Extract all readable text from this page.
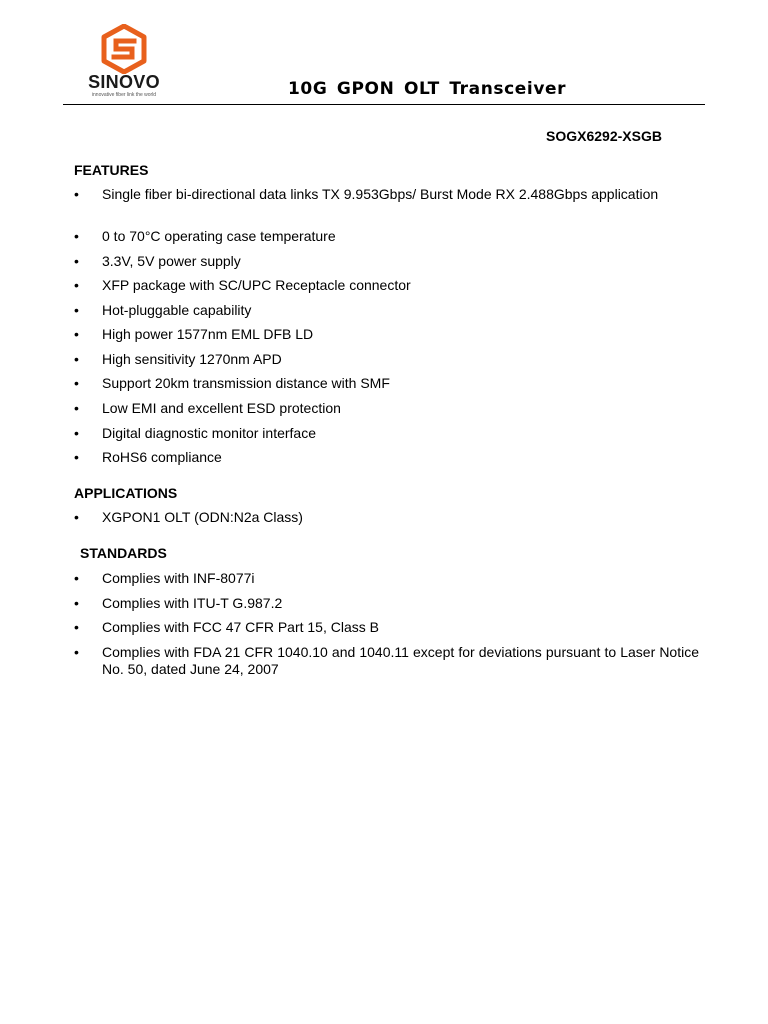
SINOVO
innovative fiber link the world	10G GPON OLT Transceiver
SOGX6292-XSGB
FEATURES
• Single fiber bi-directional data links TX 9.953Gbps/ Burst Mode RX 2.488Gbps application
• 0 to 70°C operating case temperature
• 3.3V, 5V power supply
• XFP package with SC/UPC Receptacle connector
• Hot-pluggable capability
• High power 1577nm EML DFB LD
• High sensitivity 1270nm APD
• Support 20km transmission distance with SMF
• Low EMI and excellent ESD protection
• Digital diagnostic monitor interface
• RoHS6 compliance
APPLICATIONS
• XGPON1 OLT (ODN:N2a Class)
STANDARDS
• Complies with INF-8077i
• Complies with ITU-T G.987.2
• Complies with FCC 47 CFR Part 15, Class B
• Complies with FDA 21 CFR 1040.10 and 1040.11 except for deviations pursuant to Laser Notice No. 50, dated June 24, 2007
